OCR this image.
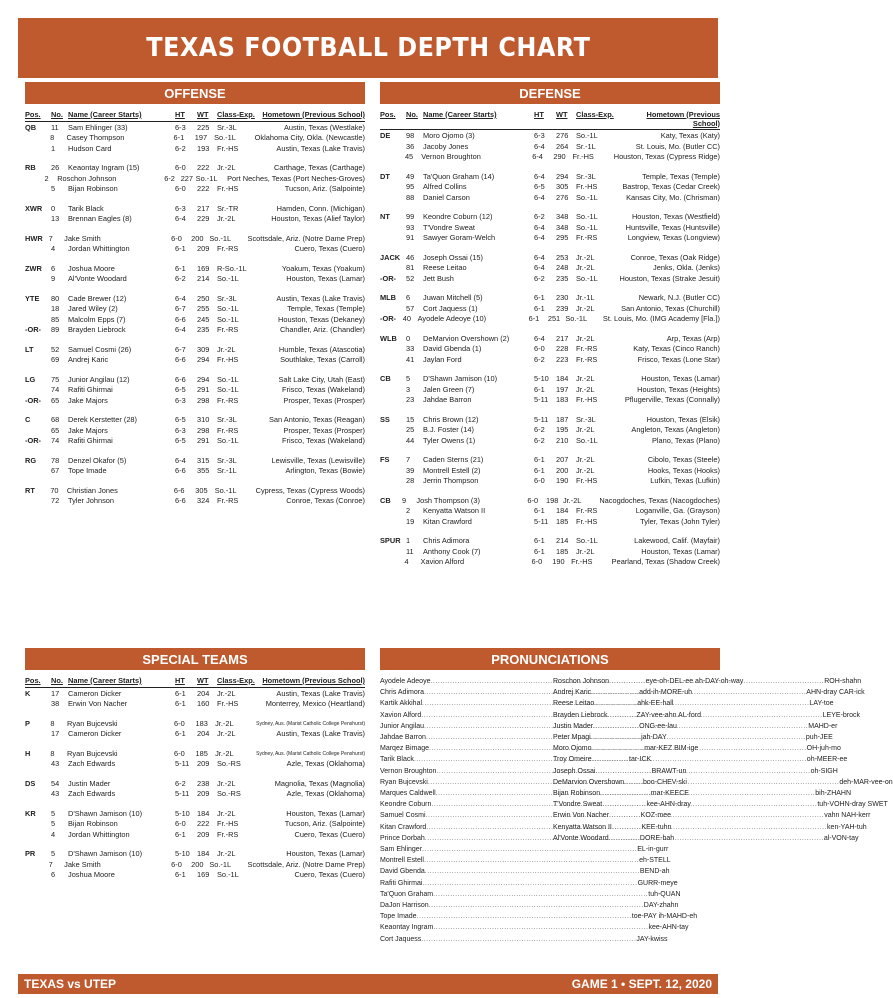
TEXAS FOOTBALL DEPTH CHART
OFFENSE	DEFENSE
SPECIAL TEAMS	PRONUNCIATIONS
Pos.	No. Name (Career Starts)	HT	WT	Class-Exp.	Hometown (Previous School)
QB	11	Sam Ehlinger (33)	6-3	225	Sr.-3L	Austin, Texas (Westlake)
8	Casey Thompson	6-1	197 So.-1L	Oklahoma City, Okla. (Newcastle)
1	Hudson Card	6-2	193	Fr.-HS	Austin, Texas (Lake Travis)
RB	26	Keaontay Ingram (15)	6-0	222	Jr.-2L	Carthage, Texas (Carthage)
2	Roschon Johnson	6-2 227 So.-1L	Port Neches, Texas (Port Neches-Groves)
5	Bijan Robinson	6-0	222	Fr.-HS	Tucson, Ariz. (Salpointe)
XWR	0	Tarik Black	6-3	217	Sr.-TR	Hamden, Conn. (Michigan)
13	Brennan Eagles (8)	6-4	229	Jr.-2L	Houston, Texas (Alief Taylor)
HWR 7	Jake Smith	6-0	200 So.-1L	Scottsdale, Ariz. (Notre Dame Prep)
4	Jordan Whittington	6-1	209	Fr.-RS	Cuero, Texas (Cuero)
ZWR	6	Joshua Moore	6-1	169	R-So.-1L	Yoakum, Texas (Yoakum)
9	Al'Vonte Woodard	6-2	214	So.-1L	Houston, Texas (Lamar)
YTE	80	Cade Brewer (12)	6-4	250	Sr.-3L	Austin, Texas (Lake Travis)
18	Jared Wiley (2)	6-7	255	So.-1L	Temple, Texas (Temple)
85	Malcolm Epps (7)	6-6	245	So.-1L	Houston, Texas (Dekaney)
-OR-	89	Brayden Liebrock	6-4	235	Fr.-RS	Chandler, Ariz. (Chandler)
LT	52	Samuel Cosmi (26)	6-7	309	Jr.-2L	Humble, Texas (Atascotia)
69	Andrej Karic	6-6	294	Fr.-HS	Southlake, Texas (Carroll)
LG	75	Junior Angilau (12)	6-6	294	So.-1L	Salt Lake City, Utah (East)
74	Rafiti Ghirmai	6-5	291	So.-1L	Frisco, Texas (Wakeland)
-OR-	65	Jake Majors	6-3	298	Fr.-RS	Prosper, Texas (Prosper)
C	68	Derek Kerstetter (28)	6-5	310	Sr.-3L	San Antonio, Texas (Reagan)
65	Jake Majors	6-3	298	Fr.-RS	Prosper, Texas (Prosper)
-OR-	74	Rafiti Ghirmai	6-5	291	So.-1L	Frisco, Texas (Wakeland)
RG	78	Denzel Okafor (5)	6-4	315	Sr.-3L	Lewisville, Texas (Lewisville)
67	Tope Imade	6-6	355	Sr.-1L	Arlington, Texas (Bowie)
RT	70	Christian Jones	6-6	305 So.-1L	Cypress, Texas (Cypress Woods)
72	Tyler Johnson	6-6	324	Fr.-RS	Conroe, Texas (Conroe)
Pos.	No. Name (Career Starts)	HT	WT	Class-Exp.	Hometown (Previous School)
DE	98	Moro Ojomo (3)	6-3	276	So.-1L	Katy, Texas (Katy)
36	Jacoby Jones	6-4	264	Sr.-1L	St. Louis, Mo. (Butler CC)
45	Vernon Broughton	6-4	290 Fr.-HS	Houston, Texas (Cypress Ridge)
DT	49	Ta'Quon Graham (14)	6-4	294	Sr.-3L	Temple, Texas (Temple)
95	Alfred Collins	6-5	305	Fr.-HS	Bastrop, Texas (Cedar Creek)
88	Daniel Carson	6-4	276	So.-1L	Kansas City, Mo. (Chrisman)
NT	99	Keondre Coburn (12)	6-2	348	So.-1L	Houston, Texas (Westfield)
93	T'Vondre Sweat	6-4	348	So.-1L	Huntsville, Texas (Huntsville)
91	Sawyer Goram-Welch	6-4	295	Fr.-RS	Longview, Texas (Longview)
JACK 46	Joseph Ossai (15)	6-4	253	Jr.-2L	Conroe, Texas (Oak Ridge)
81	Reese Leitao	6-4	248	Jr.-2L	Jenks, Okla. (Jenks)
-OR-	52	Jett Bush	6-2	235	So.-1L	Houston, Texas (Strake Jesuit)
MLB	6	Juwan Mitchell (5)	6-1	230	Jr.-1L	Newark, N.J. (Butler CC)
57	Cort Jaquess (1)	6-1	239	Jr.-2L	San Antonio, Texas (Churchill)
-OR- 40 Ayodele Adeoye (10)	6-1	251 So.-1L	St. Louis, Mo. (IMG Academy [Fla.])
WLB	0	DeMarvion Overshown (2)	6-4	217	Jr.-2L	Arp, Texas (Arp)
33	David Gbenda (1)	6-0	228	Fr.-RS	Katy, Texas (Cinco Ranch)
41	Jaylan Ford	6-2	223	Fr.-RS	Frisco, Texas (Lone Star)
CB	5	D'Shawn Jamison (10)	5-10 184	Jr.-2L	Houston, Texas (Lamar)
3	Jalen Green (7)	6-1	197	Jr.-2L	Houston, Texas (Heights)
23	Jahdae Barron	5-11	183	Fr.-HS	Pflugerville, Texas (Connally)
SS	15	Chris Brown (12)	5-11	187	Sr.-3L	Houston, Texas (Elsik)
25	B.J. Foster (14)	6-2	195	Jr.-2L	Angleton, Texas (Angleton)
44	Tyler Owens (1)	6-2	210	So.-1L	Plano, Texas (Plano)
FS	7	Caden Sterns (21)	6-1	207	Jr.-2L	Cibolo, Texas (Steele)
39	Montrell Estell (2)	6-1	200	Jr.-2L	Hooks, Texas (Hooks)
28	Jerrin Thompson	6-0	190	Fr.-HS	Lufkin, Texas (Lufkin)
CB	9	Josh Thompson (3)	6-0	198 Jr.-2L	Nacogdoches, Texas (Nacogdoches)
2	Kenyatta Watson II	6-1	184	Fr.-RS	Loganville, Ga. (Grayson)
19	Kitan Crawford	5-11	185	Fr.-HS	Tyler, Texas (John Tyler)
SPUR 1	Chris Adimora	6-1	214	So.-1L	Lakewood, Calif. (Mayfair)
11	Anthony Cook (7)	6-1	185	Jr.-2L	Houston, Texas (Lamar)
4	Xavion Alford	6-0	190 Fr.-HS	Pearland, Texas (Shadow Creek)
Pos.	No. Name (Career Starts)	HT	WT	Class-Exp.	Hometown (Previous School)
K	17	Cameron Dicker	6-1	204	Jr.-2L	Austin, Texas (Lake Travis)
38	Erwin Von Nacher	6-1	160	Fr.-HS	Monterrey, Mexico (Heartland)
P	8	Ryan Bujcevski	6-0	183 Jr.-2L	Sydney, Aus. (Marist Catholic College Penshurst)
17	Cameron Dicker	6-1	204	Jr.-2L	Austin, Texas (Lake Travis)
H	8	Ryan Bujcevski	6-0	185 Jr.-2L	Sydney, Aus. (Marist Catholic College Penshurst)
43	Zach Edwards	5-11	209	So.-RS	Azle, Texas (Oklahoma)
DS	54	Justin Mader	6-2	238	Jr.-2L	Magnolia, Texas (Magnolia)
43	Zach Edwards	5-11	209	So.-RS	Azle, Texas (Oklahoma)
KR	5	D'Shawn Jamison (10)	5-10 184	Jr.-2L	Houston, Texas (Lamar)
5	Bijan Robinson	6-0	222	Fr.-HS	Tucson, Ariz. (Salpointe)
4	Jordan Whittington	6-1	209	Fr.-RS	Cuero, Texas (Cuero)
PR	5	D'Shawn Jamison (10)	5-10 184	Jr.-2L	Houston, Texas (Lamar)
7	Jake Smith	6-0	200 So.-1L	Scottsdale, Ariz. (Notre Dame Prep)
6	Joshua Moore	6-1	169	So.-1L	Cuero, Texas (Cuero)
Ayodele Adeoye .....	eye-oh-DEL-ee ah-DAY-oh-way
Chris Adimora .....	add-ih-MORE-uh
Kartik Akkihal .....	ahk-EE-hall
Xavion Alford .....	ZAY-vee-ahn AL-ford
Junior Angilau .....	ONG-ee-lau
Jahdae Barron .....	jah-DAY
Marqez Bimage .....	mar-KEZ BIM-ige
Tarik Black .....	tar-ICK
Vernon Broughton .....	BRAWT-un
Ryan Bujcevski .....	boo-CHEV-ski
Marques Caldwell .....	mar-KEECE
Keondre Coburn .....	kee-AHN-dray
Samuel Cosmi .....	KOZ-mee
Kitan Crawford .....	KEE-tuhn
Prince Dorbah .....	DORE-bah
Sam Ehlinger .....	EL-in-gurr
Montrell Estell .....	eh-STELL
David Gbenda .....	BEND-ah
Rafiti Ghirmai .....	GURR-meye
Ta'Quon Graham .....	tuh-QUAN
DaJon Harrison .....	DAY-zhahn
Tope Imade .....	toe-PAY ih-MAHD-eh
Keaontay Ingram .....	kee-AHN-tay
Cort Jaquess .....	JAY-kwiss
Roschon Johnson .....	ROH-shahn
Andrej Karic .....	AHN-dray CAR-ick
Reese Leitao .....	LAY-toe
Brayden Liebrock .....	LEYE-brock
Justin Mader .....	MAHD-er
Peter Mpagi .....	puh-JEE
Moro Ojomo .....	OH-juh-mo
Troy Omeire .....	oh-MEER-ee
Joseph Ossai .....	oh-SIGH
DeMarvion Overshown .....	deh-MAR-vee-on
Bijan Robinson .....	bih-ZHAHN
T'Vondre Sweat .....	tuh-VOHN-dray SWET
Erwin Von Nacher .....	vahn NAH-kerr
Kenyatta Watson II .....	ken-YAH-tuh
Al'Vonte Woodard .....	al-VON-tay
TEXAS vs UTEP	GAME 1 • SEPT. 12, 2020
